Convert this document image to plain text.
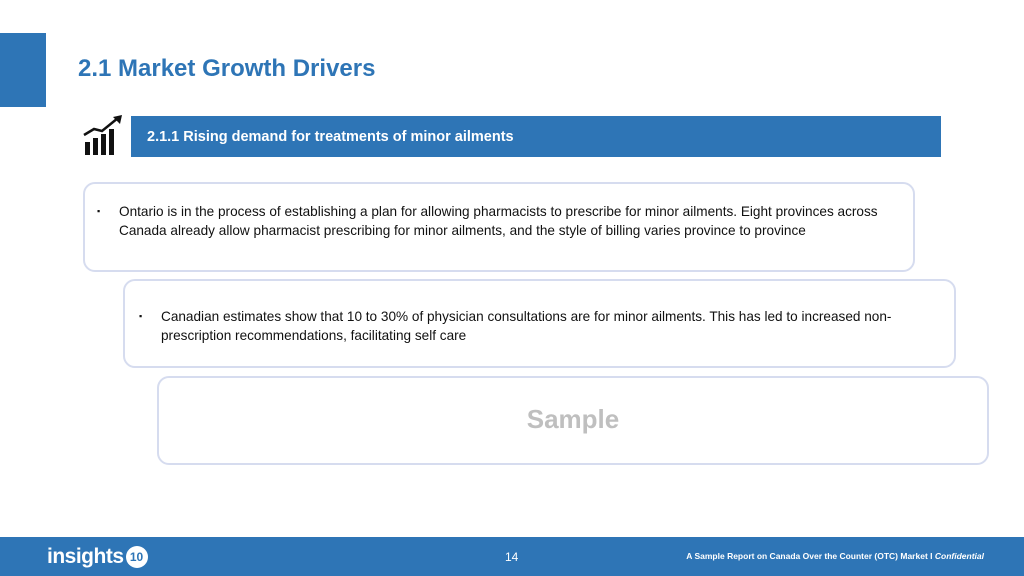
2.1 Market Growth Drivers
2.1.1 Rising demand for treatments of minor ailments
▪	Ontario is in the process of establishing a plan for allowing pharmacists to prescribe for minor ailments. Eight provinces across Canada already allow pharmacist prescribing for minor ailments, and the style of billing varies province to province
▪	Canadian estimates show that 10 to 30% of physician consultations are for minor ailments. This has led to increased non-prescription recommendations, facilitating self care
Sample
insights 10	14	A Sample Report on Canada Over the Counter (OTC) Market I Confidential
